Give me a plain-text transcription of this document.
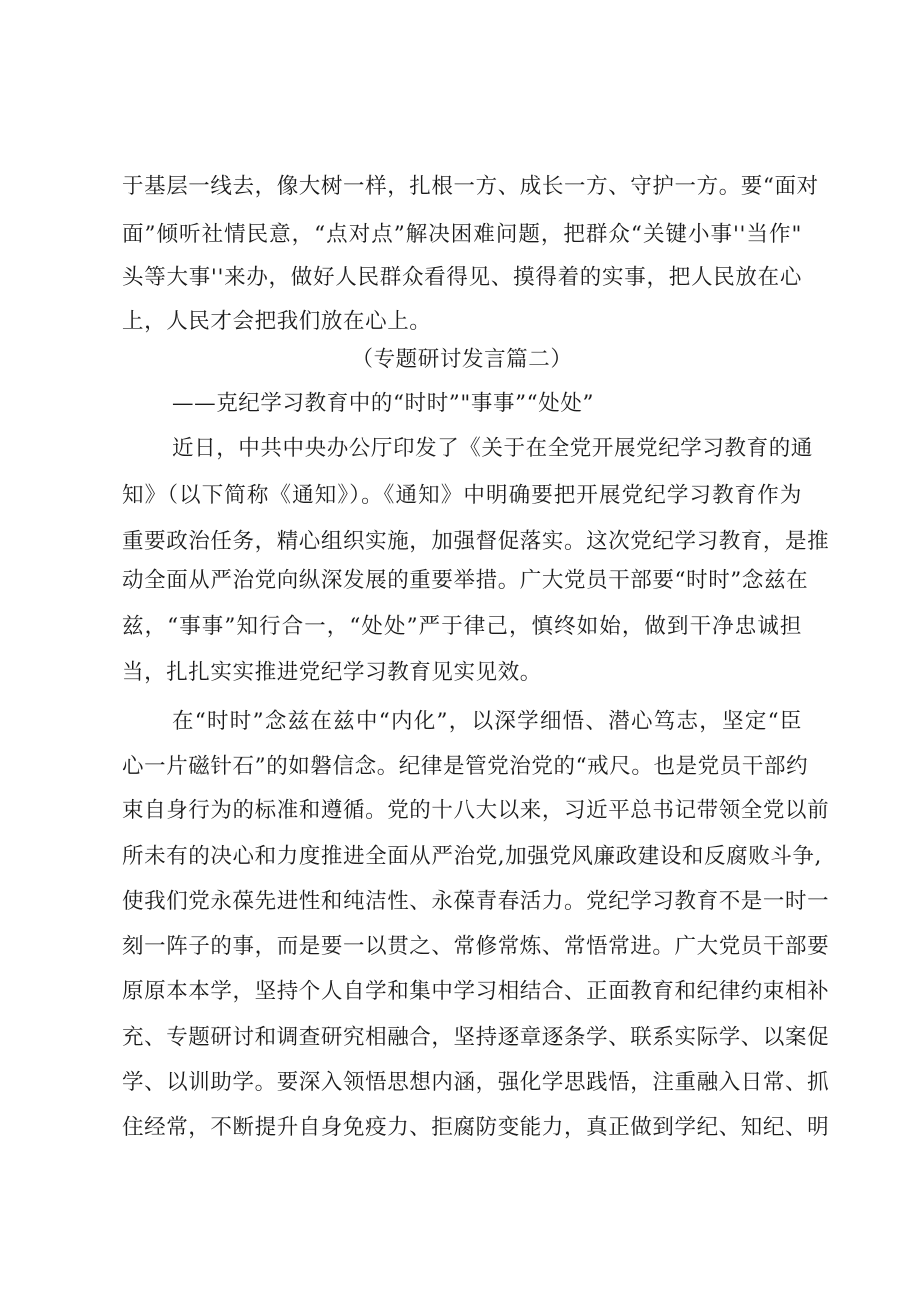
于基层一线去，像大树一样，扎根一方、成长一方、守护一方。要“面对
面”倾听社情民意，“点对点”解决困难问题，把群众“关键小事''当作"
头等大事''来办，做好人民群众看得见、摸得着的实事，把人民放在心
上，人民才会把我们放在心上。
（专题研讨发言篇二）
——克纪学习教育中的“时时”"事事”“处处”
近日，中共中央办公厅印发了《关于在全党开展党纪学习教育的通
知》（以下简称《通知》）。《通知》中明确要把开展党纪学习教育作为
重要政治任务，精心组织实施，加强督促落实。这次党纪学习教育，是推
动全面从严治党向纵深发展的重要举措。广大党员干部要“时时”念兹在
兹，“事事”知行合一，“处处”严于律己，慎终如始，做到干净忠诚担
当，扎扎实实推进党纪学习教育见实见效。
在“时时”念兹在兹中“内化”，以深学细悟、潜心笃志，坚定“臣
心一片磁针石”的如磐信念。纪律是管党治党的“戒尺。也是党员干部约
束自身行为的标准和遵循。党的十八大以来，习近平总书记带领全党以前
所未有的决心和力度推进全面从严治党,加强党风廉政建设和反腐败斗争,
使我们党永葆先进性和纯洁性、永葆青春活力。党纪学习教育不是一时一
刻一阵子的事，而是要一以贯之、常修常炼、常悟常进。广大党员干部要
原原本本学，坚持个人自学和集中学习相结合、正面教育和纪律约束相补
充、专题研讨和调查研究相融合，坚持逐章逐条学、联系实际学、以案促
学、以训助学。要深入领悟思想内涵，强化学思践悟，注重融入日常、抓
住经常，不断提升自身免疫力、拒腐防变能力，真正做到学纪、知纪、明
